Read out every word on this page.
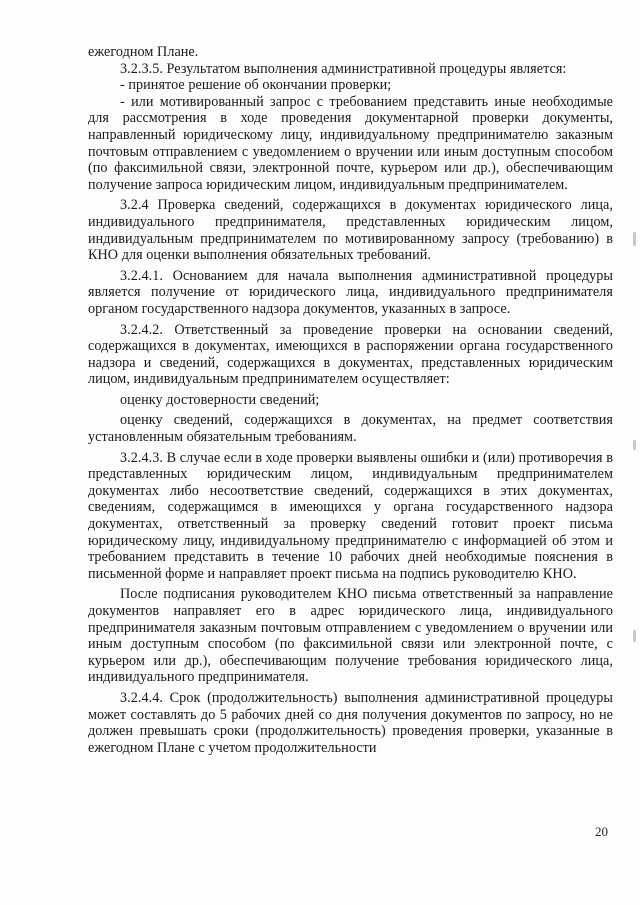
ежегодном Плане.

3.2.3.5. Результатом выполнения административной процедуры является:

- принятое решение об окончании проверки;

- или мотивированный запрос с требованием представить иные необходимые для рассмотрения в ходе проведения документарной проверки документы, направленный юридическому лицу, индивидуальному предпринимателю заказным почтовым отправлением с уведомлением о вручении или иным доступным способом (по факсимильной связи, электронной почте, курьером или др.), обеспечивающим получение запроса юридическим лицом, индивидуальным предпринимателем.

3.2.4 Проверка сведений, содержащихся в документах юридического лица, индивидуального предпринимателя, представленных юридическим лицом, индивидуальным предпринимателем по мотивированному запросу (требованию) в КНО для оценки выполнения обязательных требований.

3.2.4.1. Основанием для начала выполнения административной процедуры является получение от юридического лица, индивидуального предпринимателя органом государственного надзора документов, указанных в запросе.

3.2.4.2. Ответственный за проведение проверки на основании сведений, содержащихся в документах, имеющихся в распоряжении органа государственного надзора и сведений, содержащихся в документах, представленных юридическим лицом, индивидуальным предпринимателем осуществляет:

оценку достоверности сведений;

оценку сведений, содержащихся в документах, на предмет соответствия установленным обязательным требованиям.

3.2.4.3. В случае если в ходе проверки выявлены ошибки и (или) противоречия в представленных юридическим лицом, индивидуальным предпринимателем документах либо несоответствие сведений, содержащихся в этих документах, сведениям, содержащимся в имеющихся у органа государственного надзора документах, ответственный за проверку сведений готовит проект письма юридическому лицу, индивидуальному предпринимателю с информацией об этом и требованием представить в течение 10 рабочих дней необходимые пояснения в письменной форме и направляет проект письма на подпись руководителю КНО.

После подписания руководителем КНО письма ответственный за направление документов направляет его в адрес юридического лица, индивидуального предпринимателя заказным почтовым отправлением с уведомлением о вручении или иным доступным способом (по факсимильной связи или электронной почте, с курьером или др.), обеспечивающим получение требования юридического лица, индивидуального предпринимателя.

3.2.4.4. Срок (продолжительность) выполнения административной процедуры может составлять до 5 рабочих дней со дня получения документов по запросу, но не должен превышать сроки (продолжительность) проведения проверки, указанные в ежегодном Плане с учетом продолжительности

20
